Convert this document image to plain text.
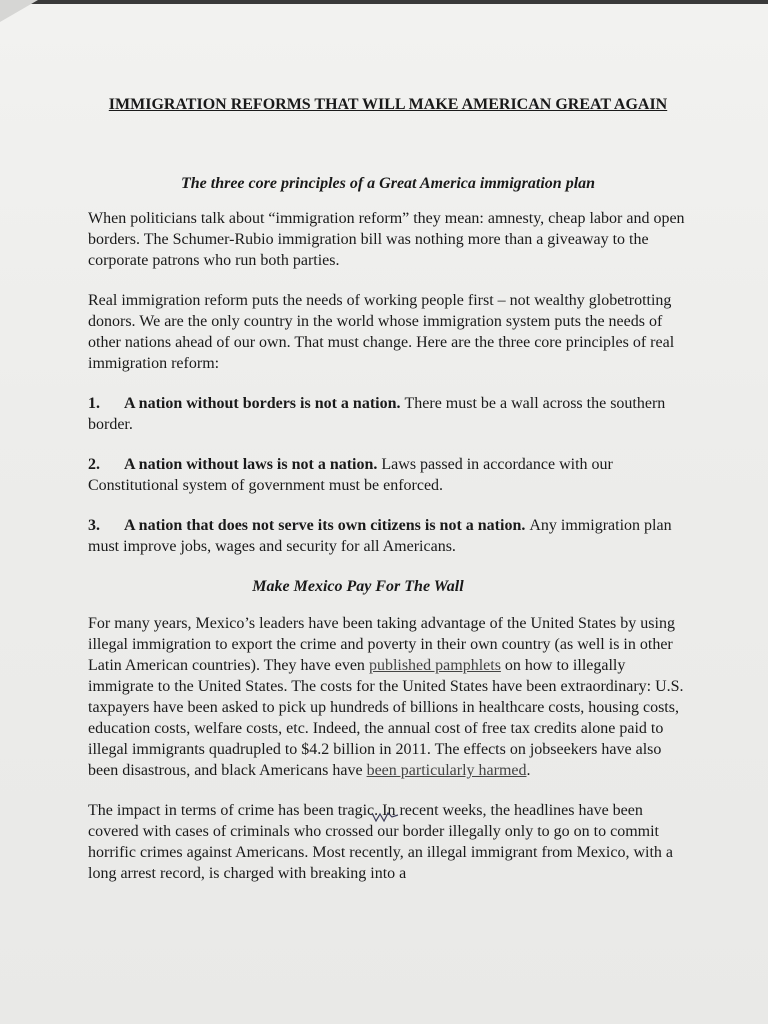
IMMIGRATION REFORMS THAT WILL MAKE AMERICAN GREAT AGAIN
The three core principles of a Great America immigration plan

When politicians talk about “immigration reform” they mean: amnesty, cheap labor and open borders. The Schumer-Rubio immigration bill was nothing more than a giveaway to the corporate patrons who run both parties.

Real immigration reform puts the needs of working people first – not wealthy globetrotting donors. We are the only country in the world whose immigration system puts the needs of other nations ahead of our own. That must change. Here are the three core principles of real immigration reform:

1. A nation without borders is not a nation. There must be a wall across the southern border.
2. A nation without laws is not a nation. Laws passed in accordance with our Constitutional system of government must be enforced.
3. A nation that does not serve its own citizens is not a nation. Any immigration plan must improve jobs, wages and security for all Americans.
Make Mexico Pay For The Wall

For many years, Mexico’s leaders have been taking advantage of the United States by using illegal immigration to export the crime and poverty in their own country (as well is in other Latin American countries). They have even published pamphlets on how to illegally immigrate to the United States. The costs for the United States have been extraordinary: U.S. taxpayers have been asked to pick up hundreds of billions in healthcare costs, housing costs, education costs, welfare costs, etc. Indeed, the annual cost of free tax credits alone paid to illegal immigrants quadrupled to $4.2 billion in 2011. The effects on jobseekers have also been disastrous, and black Americans have been particularly harmed.

The impact in terms of crime has been tragic. In recent weeks, the headlines have been covered with cases of criminals who crossed our border illegally only to go on to commit horrific crimes against Americans. Most recently, an illegal immigrant from Mexico, with a long arrest record, is charged with breaking into a
